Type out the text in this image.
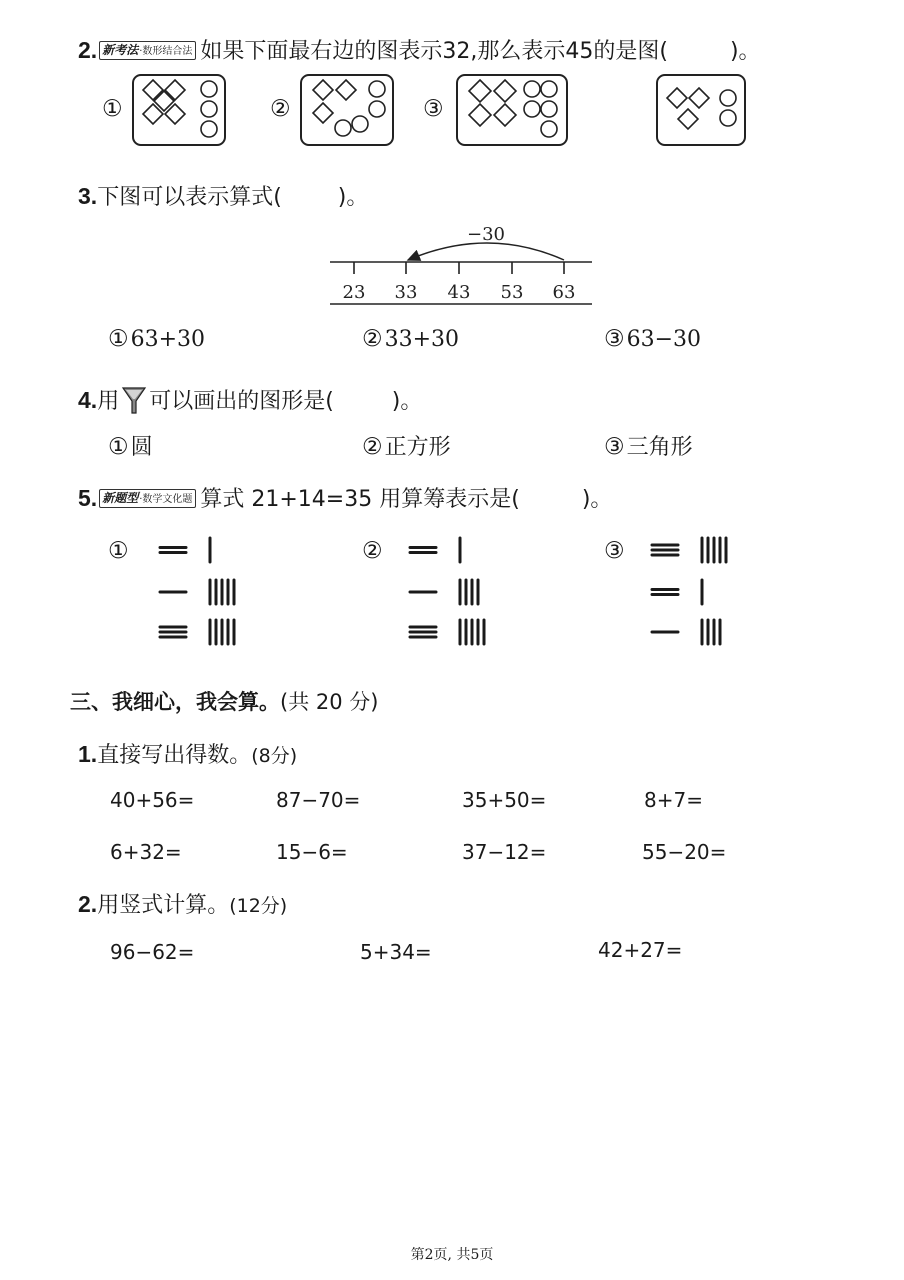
2. 新考法·数形结合法 如果下面最右边的图表示32,那么表示45的是图(	)。
①	②	③
3.下图可以表示算式(	)。
−30
23 33 43 53 63
①63+30	②33+30	③63−30
4.用 可以画出的图形是(	)。
①圆	②正方形	③三角形
5. 新题型·数学文化题 算式 21+14=35 用算筹表示是(	)。
①	②	③
三、我细心，我会算。(共 20 分)
1.直接写出得数。(8分)
40+56=	87−70=	35+50=	8+7=
6+32=	15−6=	37−12=	55−20=
2.用竖式计算。(12分)
96−62=	5+34=	42+27=
第2页, 共5页
